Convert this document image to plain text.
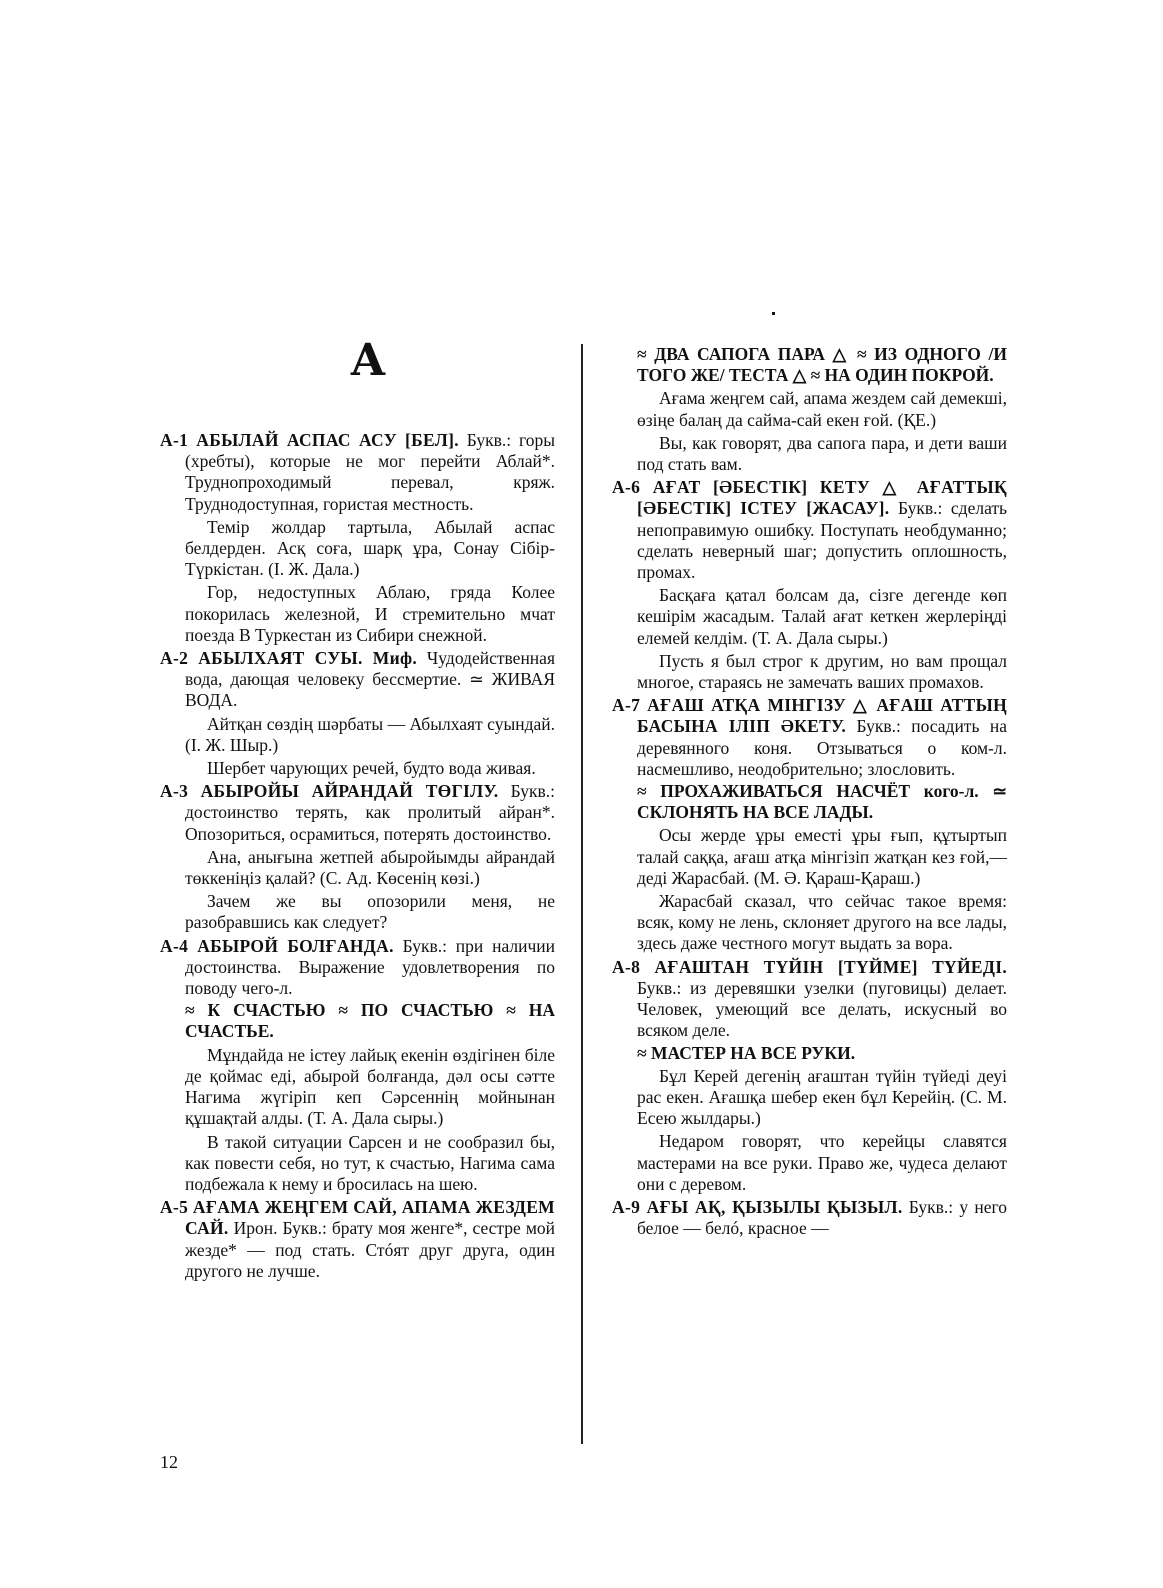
А
А-1 АБЫЛАЙ АСПАС АСУ [БЕЛ]. Букв.: горы (хребты), которые не мог перейти Аблай*. Труднопроходимый перевал, кряж. Труднодоступная, гористая местность.
Темір жолдар тартыла, Абылай аспас белдерден. Асқ соға, шарқ ұра, Сонау Сібір-Түркістан. (I. Ж. Дала.)
Гор, недоступных Аблаю, гряда Колее покорилась железной, И стремительно мчат поезда В Туркестан из Сибири снежной.
А-2 АБЫЛХАЯТ СУЫ. Миф. Чудодейственная вода, дающая человеку бессмертие. ≃ ЖИВАЯ ВОДА.
Айтқан сөздің шәрбаты — Абылхаят суындай. (I. Ж. Шыр.)
Шербет чарующих речей, будто вода живая.
А-3 АБЫРОЙЫ АЙРАНДАЙ ТӨГІЛУ. Букв.: достоинство терять, как пролитый айран*. Опозориться, осрамиться, потерять достоинство.
Ана, анығына жетпей абыройымды айрандай төккеніңіз қалай? (С. Ад. Көсенің көзі.)
Зачем же вы опозорили меня, не разобравшись как следует?
А-4 АБЫРОЙ БОЛҒАНДА. Букв.: при наличии достоинства. Выражение удовлетворения по поводу чего-л.
≈ К СЧАСТЬЮ ≈ ПО СЧАСТЬЮ ≈ НА СЧАСТЬЕ.
Мұндайда не істеу лайық екенін өздігінен біле де қоймас еді, абырой болғанда, дәл осы сәтте Нагима жүгіріп кеп Сәрсеннің мойнынан құшақтай алды. (Т. А. Дала сыры.)
В такой ситуации Сарсен и не сообразил бы, как повести себя, но тут, к счастью, Нагима сама подбежала к нему и бросилась на шею.
А-5 АҒАМА ЖЕҢГЕМ САЙ, АПАМА ЖЕЗДЕМ САЙ. Ирон. Букв.: брату моя женге*, сестре мой жезде* — под стать. Стóят друг друга, один другого не лучше.
≈ ДВА САПОГА ПАРА △ ≈ ИЗ ОДНОГО /И ТОГО ЖЕ/ ТЕСТА △ ≈ НА ОДИН ПОКРОЙ.
Ағама жеңгем сай, апама жездем сай демекші, өзіңе балаң да сайма-сай екен ғой. (ҚЕ.)
Вы, как говорят, два сапога пара, и дети ваши под стать вам.
А-6 АҒАТ [ӘБЕСТІК] КЕТУ △ АҒАТТЫҚ [ӘБЕСТІК] ІСТЕУ [ЖАСАУ]. Букв.: сделать непоправимую ошибку. Поступать необдуманно; сделать неверный шаг; допустить оплошность, промах.
Басқаға қатал болсам да, сізге дегенде көп кешірім жасадым. Талай ағат кеткен жерлеріңді елемей келдім. (Т. А. Дала сыры.)
Пусть я был строг к другим, но вам прощал многое, стараясь не замечать ваших промахов.
А-7 АҒАШ АТҚА МІНГІЗУ △ АҒАШ АТТЫҢ БАСЫНА ІЛІП ӘКЕТУ. Букв.: посадить на деревянного коня. Отзываться о ком-л. насмешливо, неодобрительно; злословить.
≈ ПРОХАЖИВАТЬСЯ НАСЧЁТ кого-л. ≃ СКЛОНЯТЬ НА ВСЕ ЛАДЫ.
Осы жерде ұры еместі ұры ғып, құтыртып талай саққа, ағаш атқа мінгізіп жатқан кез ғой,— деді Жарасбай. (М. Ә. Қараш-Қараш.)
Жарасбай сказал, что сейчас такое время: всяк, кому не лень, склоняет другого на все лады, здесь даже честного могут выдать за вора.
А-8 АҒАШТАН ТҮЙІН [ТҮЙМЕ] ТҮЙЕДІ. Букв.: из деревяшки узелки (пуговицы) делает. Человек, умеющий все делать, искусный во всяком деле.
≈ МАСТЕР НА ВСЕ РУКИ.
Бұл Керей дегенің ағаштан түйін түйеді деуі рас екен. Ағашқа шебер екен бұл Керейің. (С. М. Есею жылдары.)
Недаром говорят, что керейцы славятся мастерами на все руки. Право же, чудеса делают они с деревом.
А-9 АҒЫ АҚ, ҚЫЗЫЛЫ ҚЫЗЫЛ. Букв.: у него белое — белó, красное —
12
